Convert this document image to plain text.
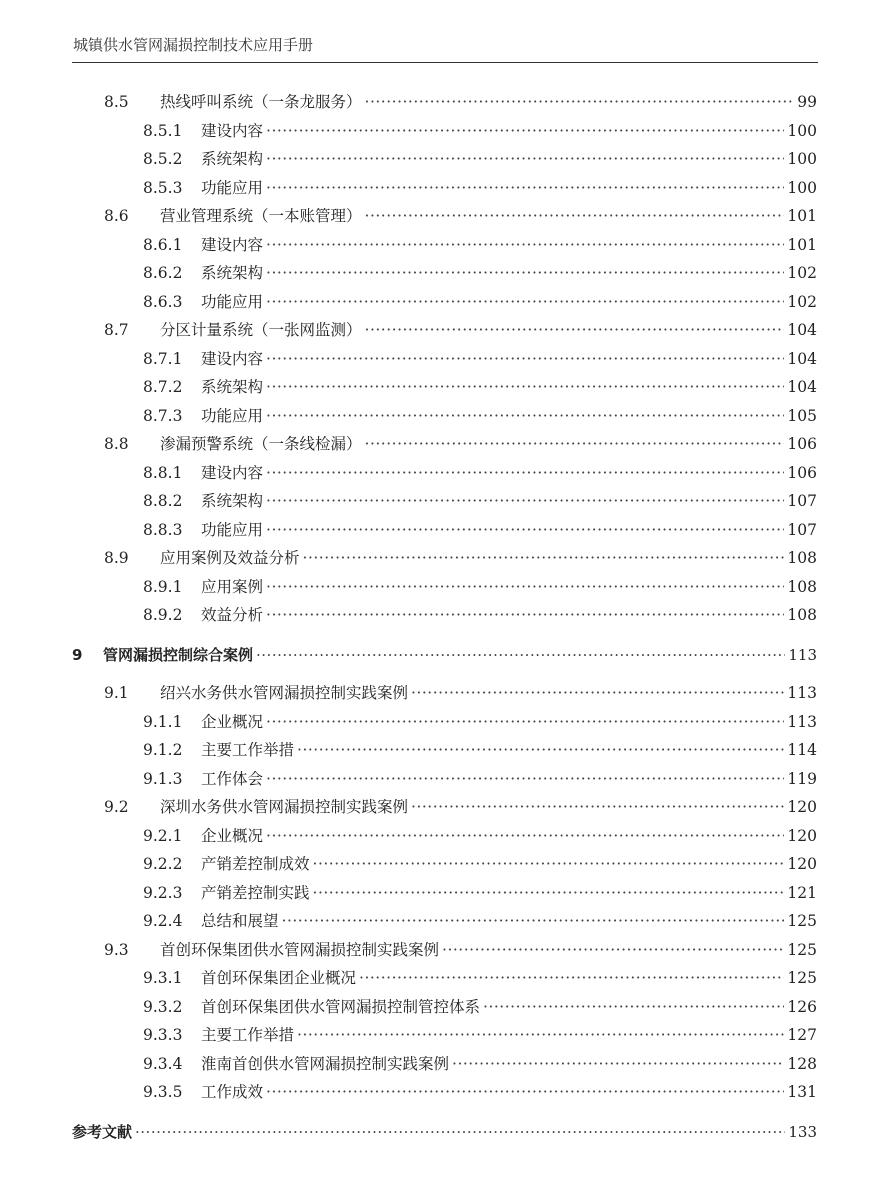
城镇供水管网漏损控制技术应用手册
8.5	热线呼叫系统（一条龙服务） ·····	99
8.5.1	建设内容 ·····	100
8.5.2	系统架构 ·····	100
8.5.3	功能应用 ·····	100
8.6	营业管理系统（一本账管理） ·····	101
8.6.1	建设内容 ·····	101
8.6.2	系统架构 ·····	102
8.6.3	功能应用 ·····	102
8.7	分区计量系统（一张网监测） ·····	104
8.7.1	建设内容 ·····	104
8.7.2	系统架构 ·····	104
8.7.3	功能应用 ·····	105
8.8	渗漏预警系统（一条线检漏） ·····	106
8.8.1	建设内容 ·····	106
8.8.2	系统架构 ·····	107
8.8.3	功能应用 ·····	107
8.9	应用案例及效益分析 ·····	108
8.9.1	应用案例 ·····	108
8.9.2	效益分析 ·····	108
9	管网漏损控制综合案例 ·····	113
9.1	绍兴水务供水管网漏损控制实践案例 ·····	113
9.1.1	企业概况 ·····	113
9.1.2	主要工作举措 ·····	114
9.1.3	工作体会 ·····	119
9.2	深圳水务供水管网漏损控制实践案例 ·····	120
9.2.1	企业概况 ·····	120
9.2.2	产销差控制成效 ·····	120
9.2.3	产销差控制实践 ·····	121
9.2.4	总结和展望 ·····	125
9.3	首创环保集团供水管网漏损控制实践案例 ·····	125
9.3.1	首创环保集团企业概况 ·····	125
9.3.2	首创环保集团供水管网漏损控制管控体系 ·····	126
9.3.3	主要工作举措 ·····	127
9.3.4	淮南首创供水管网漏损控制实践案例 ·····	128
9.3.5	工作成效 ·····	131
参考文献 ·····	133
